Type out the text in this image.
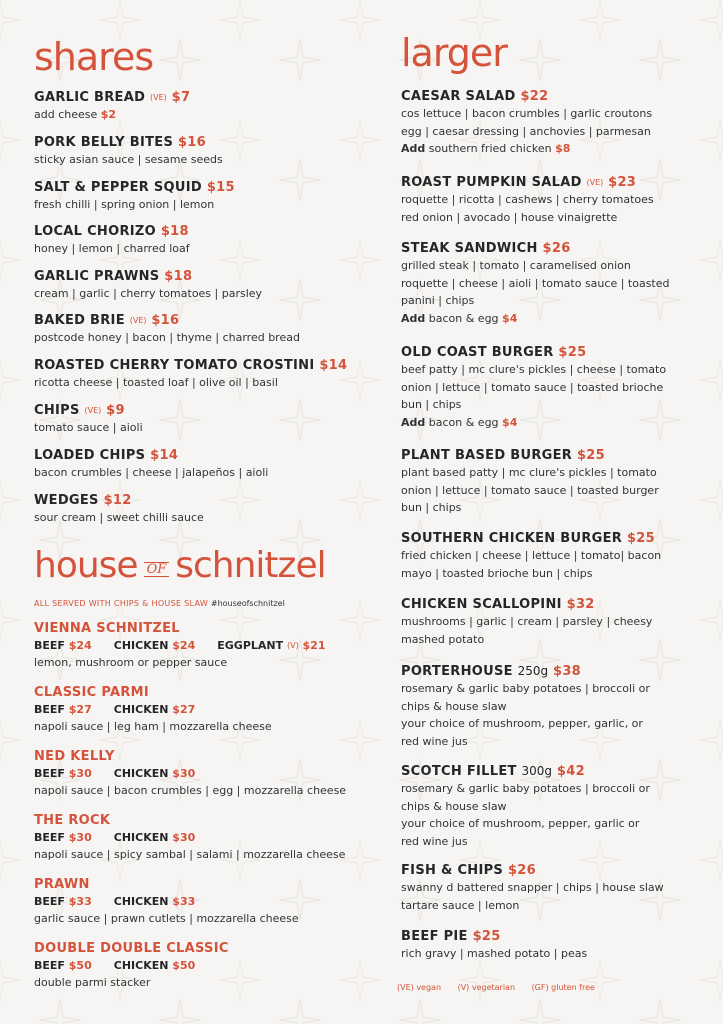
shares
GARLIC BREAD (VE) $7
add cheese $2
PORK BELLY BITES $16
sticky asian sauce | sesame seeds
SALT & PEPPER SQUID $15
fresh chilli | spring onion | lemon
LOCAL CHORIZO $18
honey | lemon | charred loaf
GARLIC PRAWNS $18
cream | garlic | cherry tomatoes | parsley
BAKED BRIE (VE) $16
postcode honey | bacon | thyme | charred bread
ROASTED CHERRY TOMATO CROSTINI $14
ricotta cheese | toasted loaf | olive oil | basil
CHIPS (VE) $9
tomato sauce | aioli
LOADED CHIPS $14
bacon crumbles | cheese | jalapeños | aioli
WEDGES $12
sour cream | sweet chilli sauce
house OF schnitzel
ALL SERVED WITH CHIPS & HOUSE SLAW #houseofschnitzel
VIENNA SCHNITZEL
BEEF $24 CHICKEN $24 EGGPLANT (V) $21
lemon, mushroom or pepper sauce
CLASSIC PARMI
BEEF $27 CHICKEN $27
napoli sauce | leg ham | mozzarella cheese
NED KELLY
BEEF $30 CHICKEN $30
napoli sauce | bacon crumbles | egg | mozzarella cheese
THE ROCK
BEEF $30 CHICKEN $30
napoli sauce | spicy sambal | salami | mozzarella cheese
PRAWN
BEEF $33 CHICKEN $33
garlic sauce | prawn cutlets | mozzarella cheese
DOUBLE DOUBLE CLASSIC
BEEF $50 CHICKEN $50
double parmi stacker
larger
CAESAR SALAD $22
cos lettuce | bacon crumbles | garlic croutons
egg | caesar dressing | anchovies | parmesan
Add southern fried chicken $8
ROAST PUMPKIN SALAD (VE) $23
roquette | ricotta | cashews | cherry tomatoes
red onion | avocado | house vinaigrette
STEAK SANDWICH $26
grilled steak | tomato | caramelised onion
roquette | cheese | aioli | tomato sauce | toasted
panini | chips
Add bacon & egg $4
OLD COAST BURGER $25
beef patty | mc clure's pickles | cheese | tomato
onion | lettuce | tomato sauce | toasted brioche
bun | chips
Add bacon & egg $4
PLANT BASED BURGER $25
plant based patty | mc clure's pickles | tomato
onion | lettuce | tomato sauce | toasted burger
bun | chips
SOUTHERN CHICKEN BURGER $25
fried chicken | cheese | lettuce | tomato| bacon
mayo | toasted brioche bun | chips
CHICKEN SCALLOPINI $32
mushrooms | garlic | cream | parsley | cheesy
mashed potato
PORTERHOUSE 250g $38
rosemary & garlic baby potatoes | broccoli or
chips & house slaw
your choice of mushroom, pepper, garlic, or
red wine jus
SCOTCH FILLET 300g $42
rosemary & garlic baby potatoes | broccoli or
chips & house slaw
your choice of mushroom, pepper, garlic or
red wine jus
FISH & CHIPS $26
swanny d battered snapper | chips | house slaw
tartare sauce | lemon
BEEF PIE $25
rich gravy | mashed potato | peas
(VE) vegan (V) vegetarian (GF) gluten free
